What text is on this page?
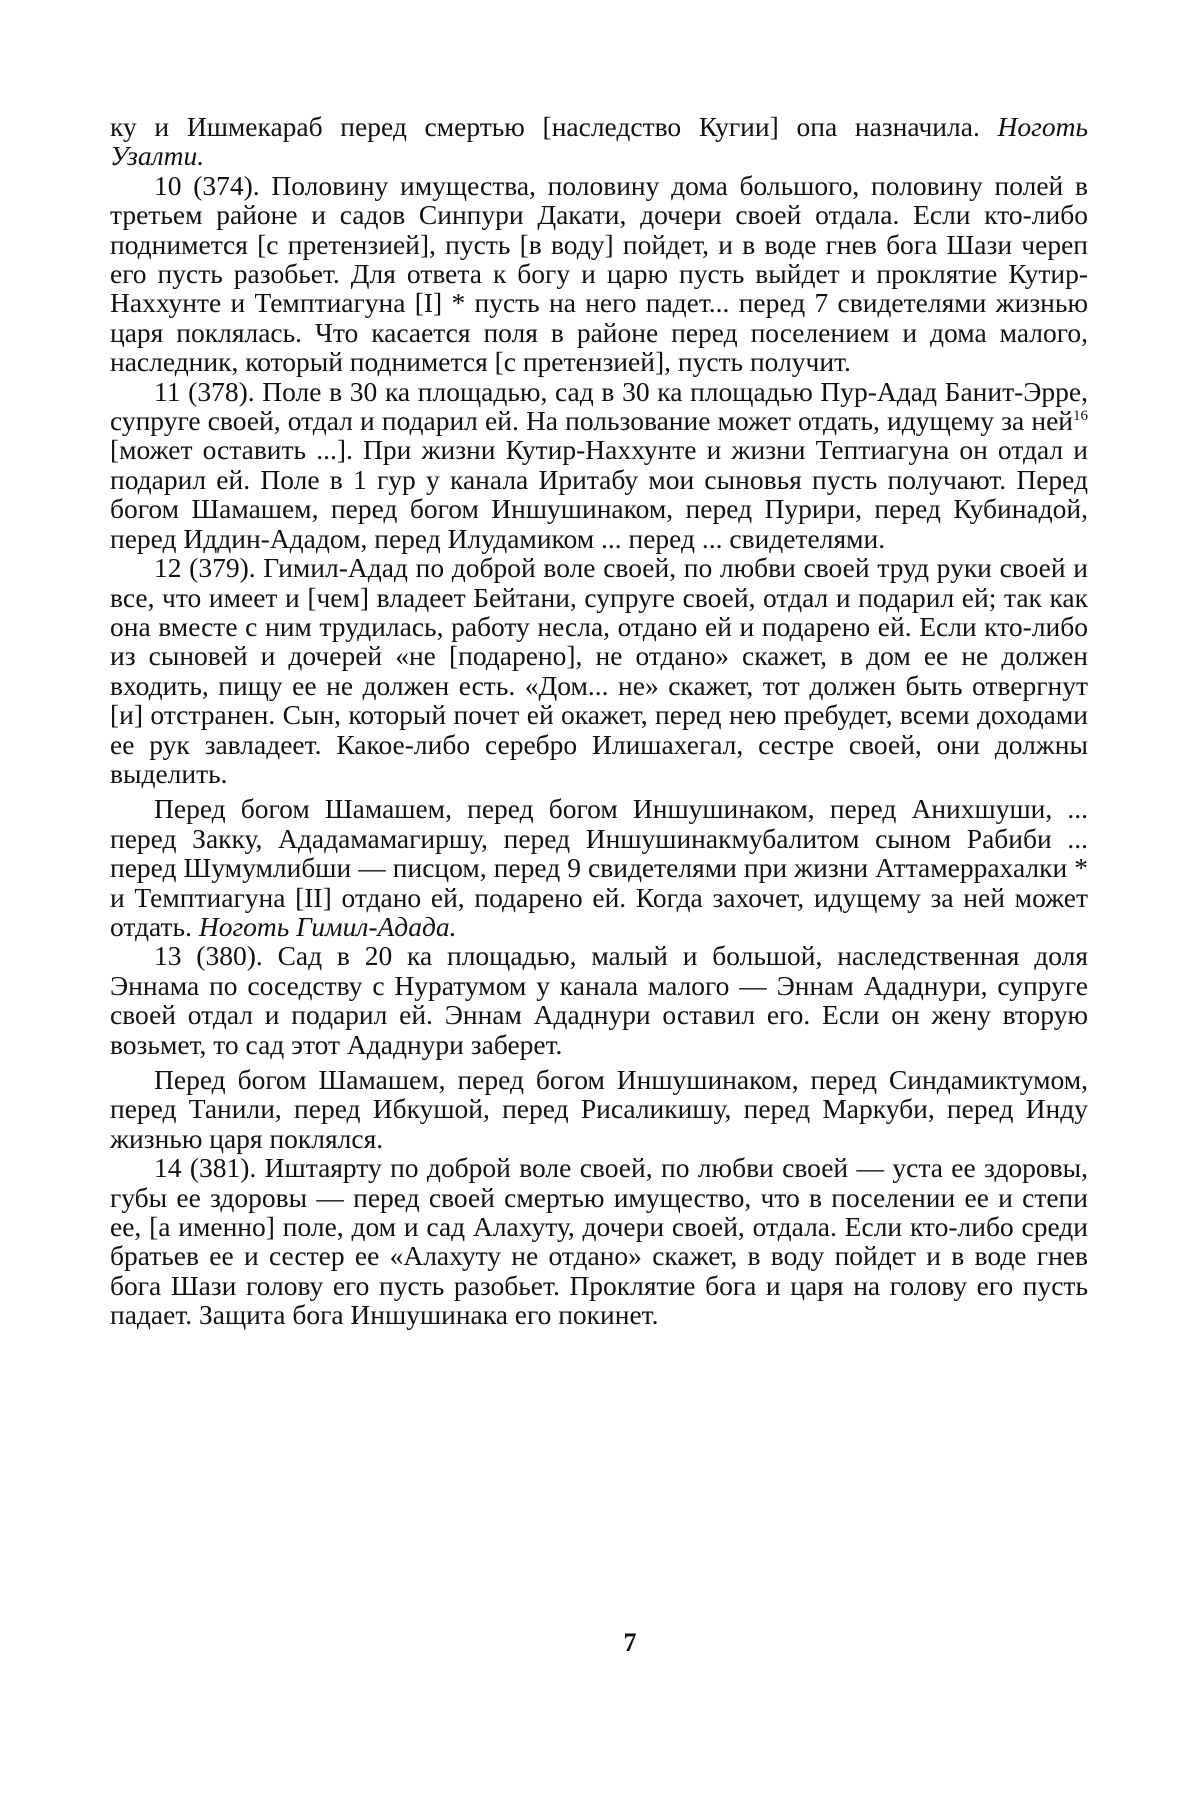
ку и Ишмекараб перед смертью [наследство Кугии] опа назначила. Ноготь Узалти.

10 (374). Половину имущества, половину дома большого, половину полей в третьем районе и садов Синпури Дакати, дочери своей отдала. Если кто-либо поднимется [с претензией], пусть [в воду] пойдет, и в воде гнев бога Шази череп его пусть разобьет. Для ответа к богу и царю пусть выйдет и проклятие Кутир-Наххунте и Темптиагуна [I] * пусть на него падет... перед 7 свидетелями жизнью царя поклялась. Что касается поля в районе перед поселением и дома малого, наследник, который поднимется [с претензией], пусть получит.

11 (378). Поле в 30 ка площадью, сад в 30 ка площадью Пур-Адад Банит-Эрре, супруге своей, отдал и подарил ей. На пользование может отдать, идущему за ней$^{16}$ [может оставить ...]. При жизни Кутир-Наххунте и жизни Тептиагуна он отдал и подарил ей. Поле в 1 гур у канала Иритабу мои сыновья пусть получают. Перед богом Шамашем, перед богом Иншушинаком, перед Пурири, перед Кубинадой, перед Иддин-Ададом, перед Илудамиком ... перед ... свидетелями.

12 (379). Гимил-Адад по доброй воле своей, по любви своей труд руки своей и все, что имеет и [чем] владеет Бейтани, супруге своей, отдал и подарил ей; так как она вместе с ним трудилась, работу несла, отдано ей и подарено ей. Если кто-либо из сыновей и дочерей «не [подарено], не отдано» скажет, в дом ее не должен входить, пищу ее не должен есть. «Дом... не» скажет, тот должен быть отвергнут [и] отстранен. Сын, который почет ей окажет, перед нею пребудет, всеми доходами ее рук завладеет. Какое-либо серебро Илишахегал, сестре своей, они должны выделить.

Перед богом Шамашем, перед богом Иншушинаком, перед Анихшуши, ... перед Закку, Ададамамагиршу, перед Иншушинакмубалитом сыном Рабиби ... перед Шумумлибши — писцом, перед 9 свидетелями при жизни Аттамеррахалки * и Темптиагуна [II] отдано ей, подарено ей. Когда захочет, идущему за ней может отдать. Ноготь Гимил-Адада.

13 (380). Сад в 20 ка площадью, малый и большой, наследственная доля Эннама по соседству с Нуратумом у канала малого — Эннам Ададнури, супруге своей отдал и подарил ей. Эннам Ададнури оставил его. Если он жену вторую возьмет, то сад этот Ададнури заберет.

Перед богом Шамашем, перед богом Иншушинаком, перед Синдамиктумом, перед Танили, перед Ибкушой, перед Рисаликишу, перед Маркуби, перед Инду жизнью царя поклялся.

14 (381). Иштаярту по доброй воле своей, по любви своей — уста ее здоровы, губы ее здоровы — перед своей смертью имущество, что в поселении ее и степи ее, [а именно] поле, дом и сад Алахуту, дочери своей, отдала. Если кто-либо среди братьев ее и сестер ее «Алахуту не отдано» скажет, в воду пойдет и в воде гнев бога Шази голову его пусть разобьет. Проклятие бога и царя на голову его пусть падает. Защита бога Иншушинака его покинет.

7
